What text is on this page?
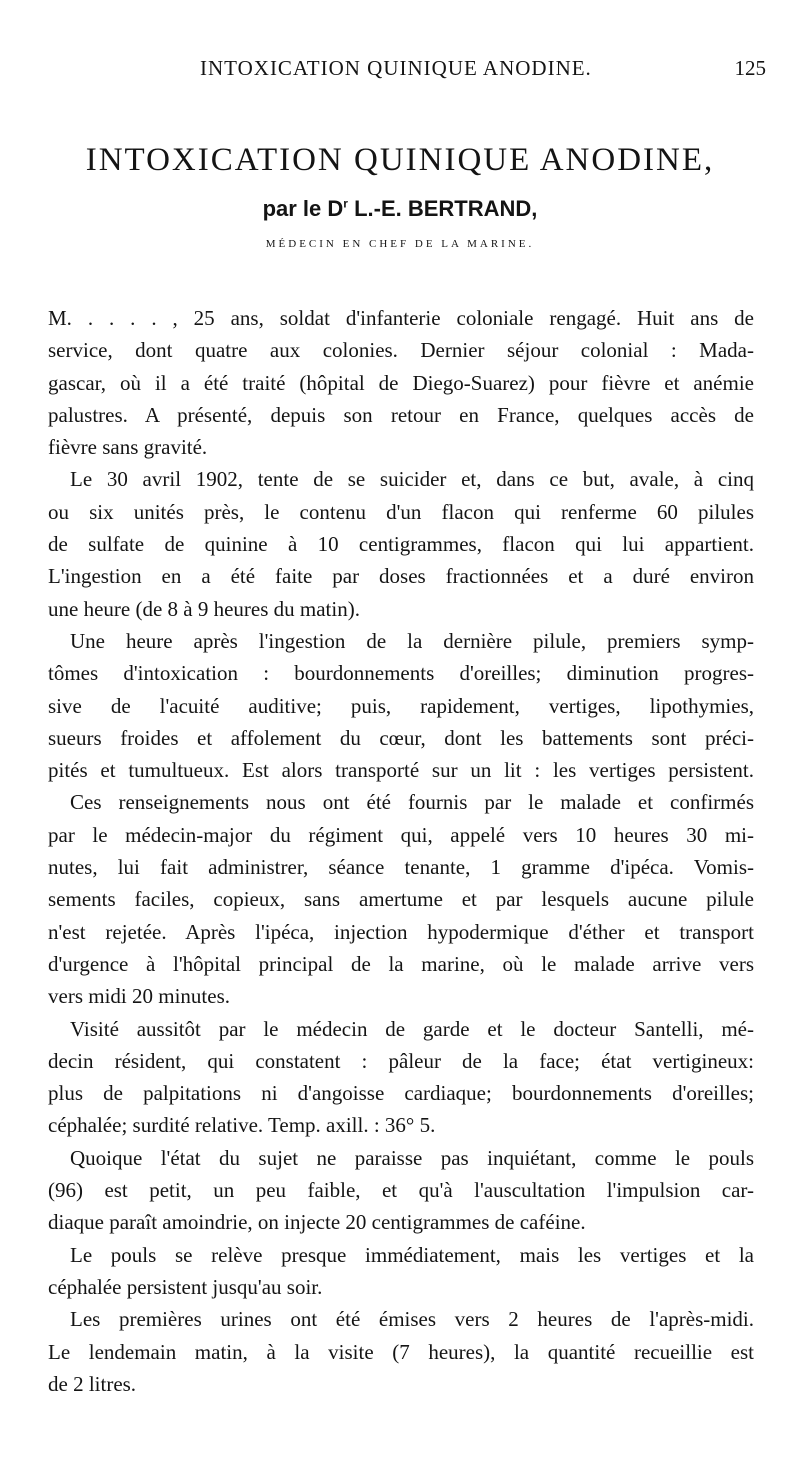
INTOXICATION QUINIQUE ANODINE.	125
INTOXICATION QUINIQUE ANODINE,
par le $D^r$ L.-E. BERTRAND,
MÉDECIN EN CHEF DE LA MARINE.
M. . . . . , 25 ans, soldat d'infanterie coloniale rengagé. Huit ans de
service, dont quatre aux colonies. Dernier séjour colonial : Mada-
gascar, où il a été traité (hôpital de Diego-Suarez) pour fièvre et anémie
palustres. A présenté, depuis son retour en France, quelques accès de
fièvre sans gravité.
Le 30 avril 1902, tente de se suicider et, dans ce but, avale, à cinq
ou six unités près, le contenu d'un flacon qui renferme 60 pilules
de sulfate de quinine à 10 centigrammes, flacon qui lui appartient.
L'ingestion en a été faite par doses fractionnées et a duré environ
une heure (de 8 à 9 heures du matin).
Une heure après l'ingestion de la dernière pilule, premiers symp-
tômes d'intoxication : bourdonnements d'oreilles; diminution progres-
sive de l'acuité auditive; puis, rapidement, vertiges, lipothymies,
sueurs froides et affolement du cœur, dont les battements sont préci-
pités et tumultueux. Est alors transporté sur un lit : les vertiges persistent.
Ces renseignements nous ont été fournis par le malade et confirmés
par le médecin-major du régiment qui, appelé vers 10 heures 30 mi-
nutes, lui fait administrer, séance tenante, 1 gramme d'ipéca. Vomis-
sements faciles, copieux, sans amertume et par lesquels aucune pilule
n'est rejetée. Après l'ipéca, injection hypodermique d'éther et transport
d'urgence à l'hôpital principal de la marine, où le malade arrive vers
vers midi 20 minutes.
Visité aussitôt par le médecin de garde et le docteur Santelli, mé-
decin résident, qui constatent : pâleur de la face; état vertigineux:
plus de palpitations ni d'angoisse cardiaque; bourdonnements d'oreilles;
céphalée; surdité relative. Temp. axill. : 36° 5.
Quoique l'état du sujet ne paraisse pas inquiétant, comme le pouls
(96) est petit, un peu faible, et qu'à l'auscultation l'impulsion car-
diaque paraît amoindrie, on injecte 20 centigrammes de caféine.
Le pouls se relève presque immédiatement, mais les vertiges et la
céphalée persistent jusqu'au soir.
Les premières urines ont été émises vers 2 heures de l'après-midi.
Le lendemain matin, à la visite (7 heures), la quantité recueillie est
de 2 litres.
